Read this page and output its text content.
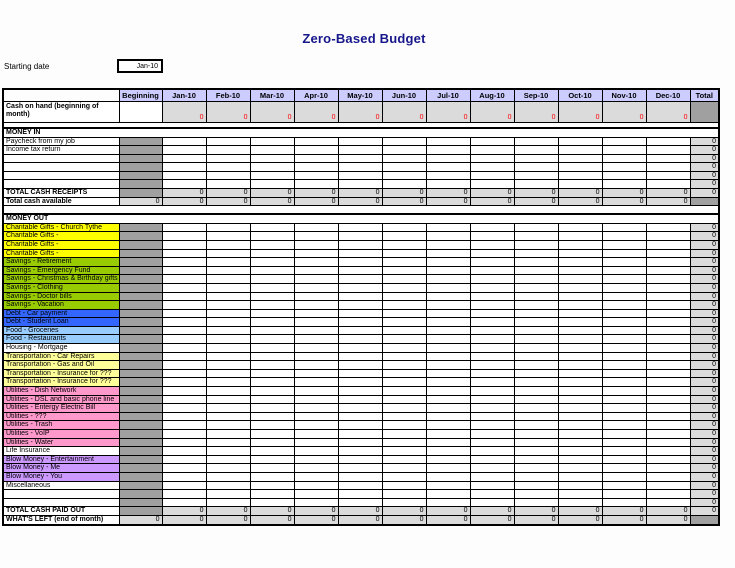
Zero-Based Budget
Starting date	Jan-10
	Beginning	Jan-10	Feb-10	Mar-10	Apr-10	May-10	Jun-10	Jul-10	Aug-10	Sep-10	Oct-10	Nov-10	Dec-10	Total
Cash on hand (beginning of month)		0	0	0	0	0	0	0	0	0	0	0	0	

MONEY IN														
Paycheck from my job														0
Income tax return														0
														0
														0
														0
														0
TOTAL CASH RECEIPTS		0	0	0	0	0	0	0	0	0	0	0	0	0
Total cash available	0	0	0	0	0	0	0	0	0	0	0	0	0	

MONEY OUT														
Charitable Gifts - Church Tythe														0
Charitable Gifts -														0
Charitable Gifts -														0
Charitable Gifts -														0
Savings - Retirement														0
Savings - Emergency Fund														0
Savings - Christmas & Birthday gifts														0
Savings - Clothing														0
Savings - Doctor bills														0
Savings - Vacation														0
Debt - Car payment														0
Debt - Student Loan														0
Food - Groceries														0
Food - Restaurants														0
Housing - Mortgage														0
Transportation - Car Repairs														0
Transportation - Gas and Oil														0
Transportation - Insurance for ???														0
Transportation - Insurance for ???														0
Utilities - Dish Network														0
Utilities - DSL and basic phone line														0
Utilities - Entergy Electric Bill														0
Utilities - ???														0
Utilities - Trash														0
Utilities - VoIP														0
Utilities - Water														0
Life Insurance														0
Blow Money - Entertainment														0
Blow Money - Me														0
Blow Money - You														0
Miscellaneous														0
														0
														0
TOTAL CASH PAID OUT		0	0	0	0	0	0	0	0	0	0	0	0	0
WHAT'S LEFT (end of month)	0	0	0	0	0	0	0	0	0	0	0	0	0	
